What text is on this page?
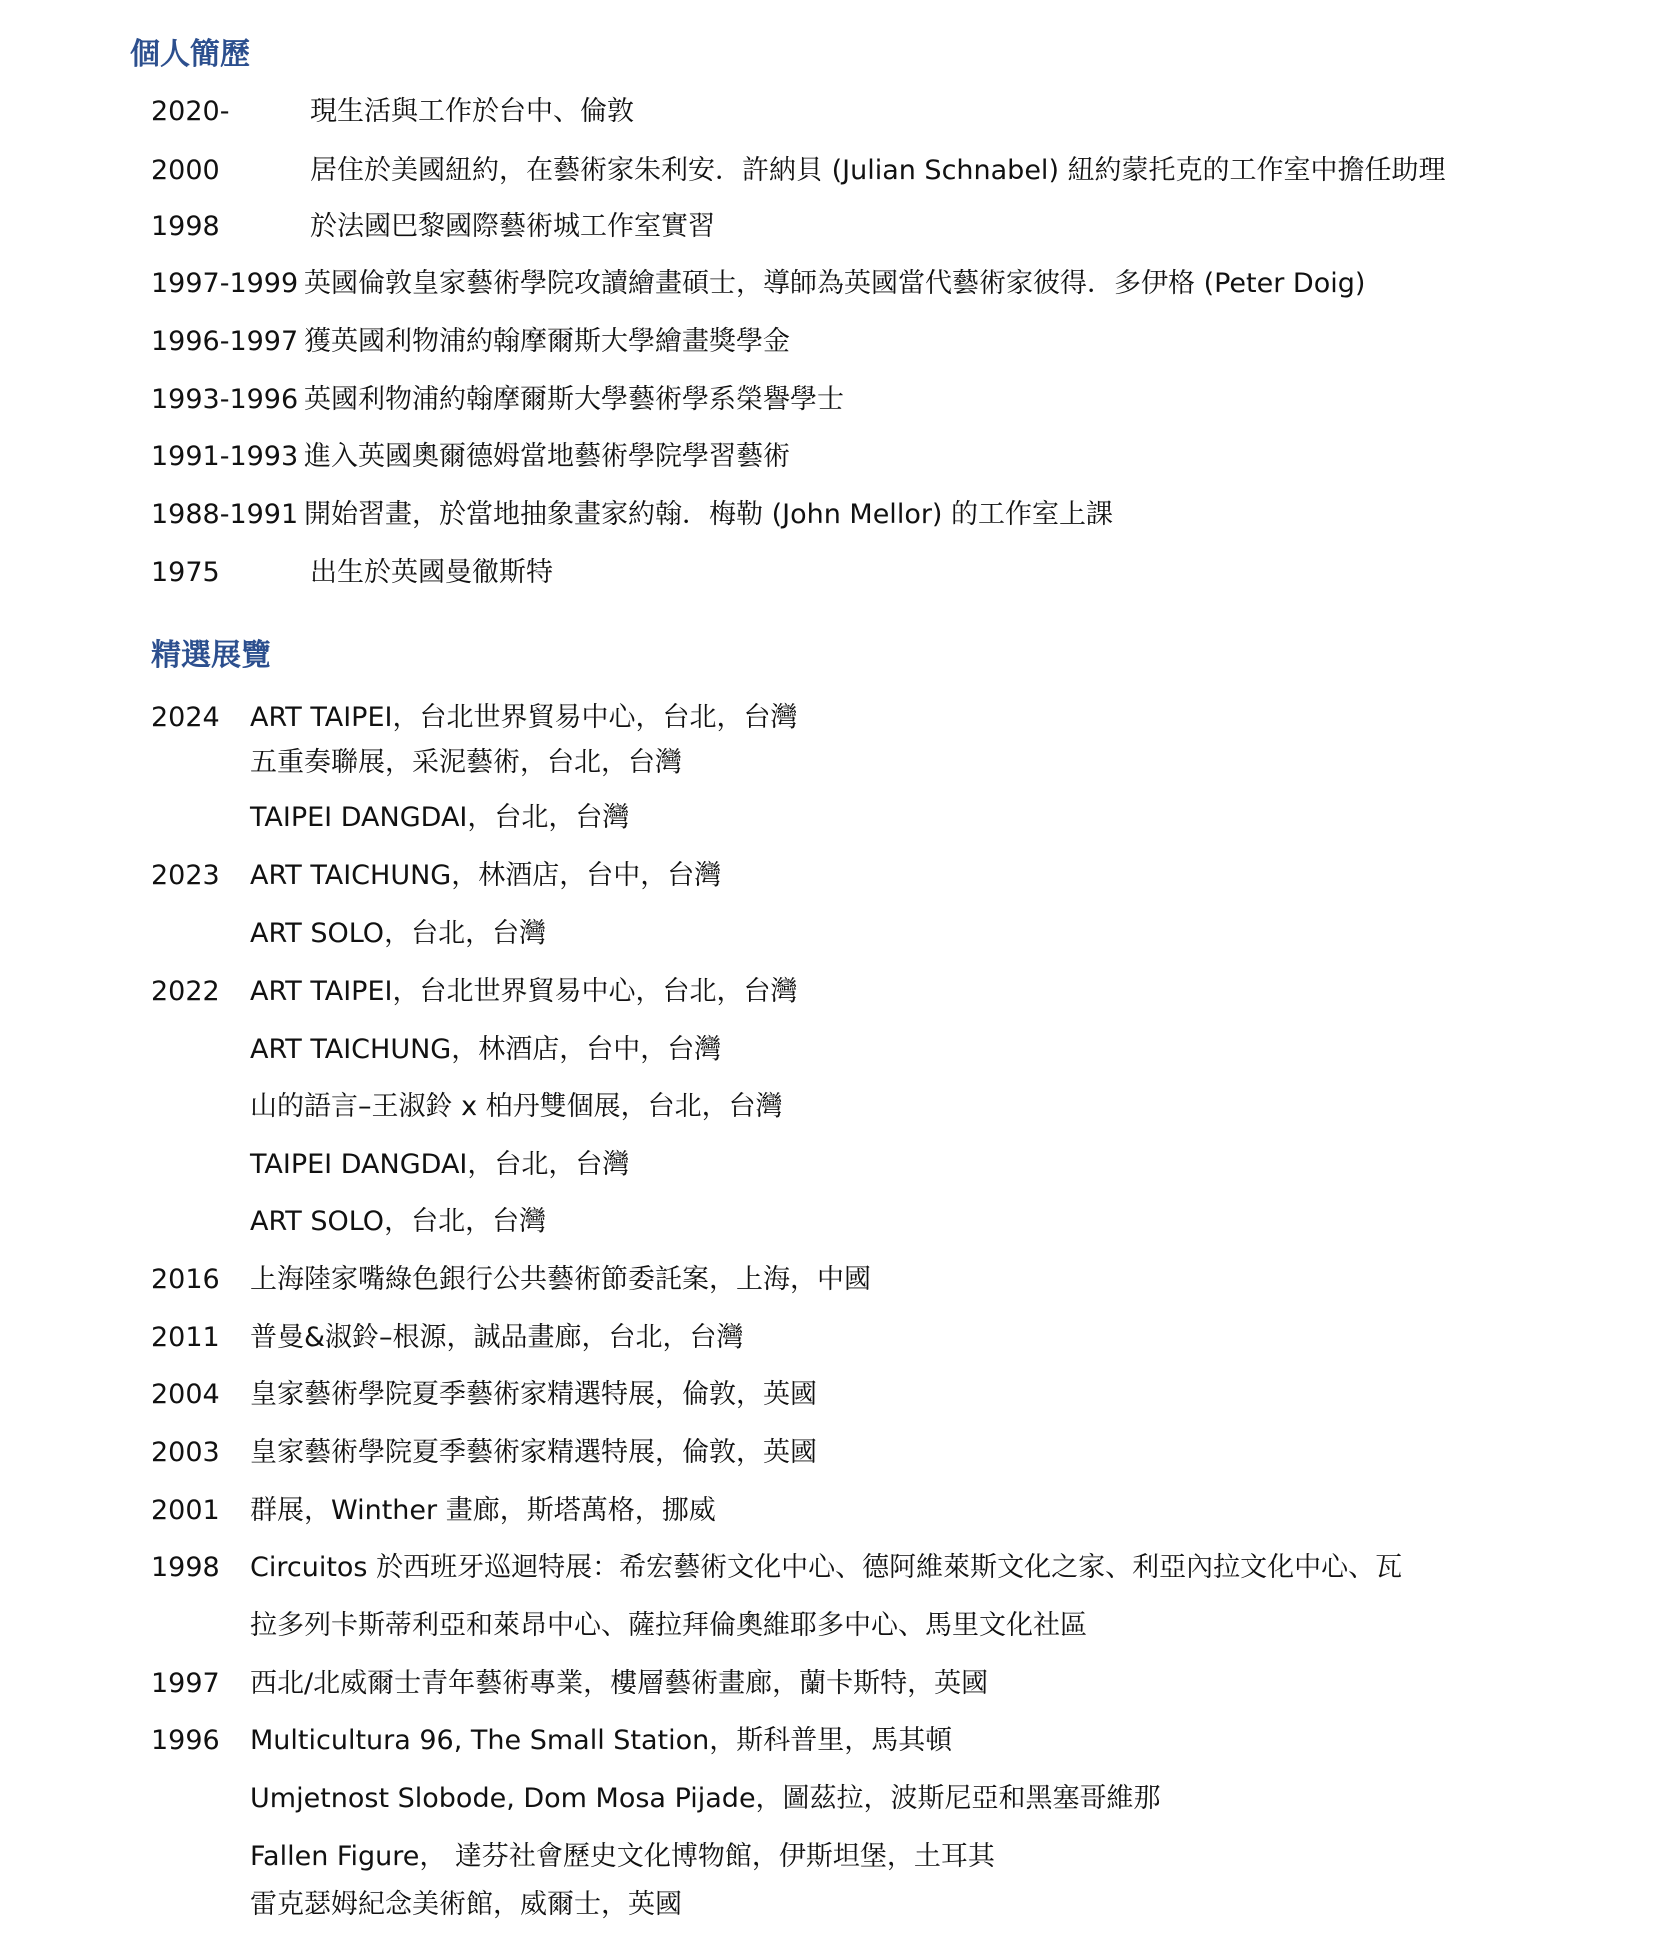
個人簡歷
2020-	現生活與工作於台中、倫敦
2000	居住於美國紐約，在藝術家朱利安．許納貝 (Julian Schnabel) 紐約蒙托克的工作室中擔任助理
1998	於法國巴黎國際藝術城工作室實習
1997-1999 英國倫敦皇家藝術學院攻讀繪畫碩士，導師為英國當代藝術家彼得．多伊格 (Peter Doig)
1996-1997 獲英國利物浦約翰摩爾斯大學繪畫獎學金
1993-1996 英國利物浦約翰摩爾斯大學藝術學系榮譽學士
1991-1993 進入英國奧爾德姆當地藝術學院學習藝術
1988-1991 開始習畫，於當地抽象畫家約翰．梅勒 (John Mellor) 的工作室上課
1975	出生於英國曼徹斯特
精選展覽
2024 ART TAIPEI，台北世界貿易中心，台北，台灣
五重奏聯展，采泥藝術，台北，台灣
TAIPEI DANGDAI，台北，台灣
2023 ART TAICHUNG，林酒店，台中，台灣
ART SOLO，台北，台灣
2022 ART TAIPEI，台北世界貿易中心，台北，台灣
ART TAICHUNG，林酒店，台中，台灣
山的語言–王淑鈴 x 柏丹雙個展，台北，台灣
TAIPEI DANGDAI，台北，台灣
ART SOLO，台北，台灣
2016 上海陸家嘴綠色銀行公共藝術節委託案，上海，中國
2011 普曼&淑鈴–根源，誠品畫廊，台北，台灣
2004 皇家藝術學院夏季藝術家精選特展，倫敦，英國
2003 皇家藝術學院夏季藝術家精選特展，倫敦，英國
2001 群展，Winther 畫廊，斯塔萬格，挪威
1998 Circuitos 於西班牙巡迴特展：希宏藝術文化中心、德阿維萊斯文化之家、利亞內拉文化中心、瓦
拉多列卡斯蒂利亞和萊昂中心、薩拉拜倫奧維耶多中心、馬里文化社區
1997 西北/北威爾士青年藝術專業，樓層藝術畫廊，蘭卡斯特，英國
1996 Multicultura 96, The Small Station，斯科普里，馬其頓
Umjetnost Slobode, Dom Mosa Pijade，圖茲拉，波斯尼亞和黑塞哥維那
Fallen Figure， 達芬社會歷史文化博物館，伊斯坦堡，土耳其
雷克瑟姆紀念美術館，威爾士，英國
